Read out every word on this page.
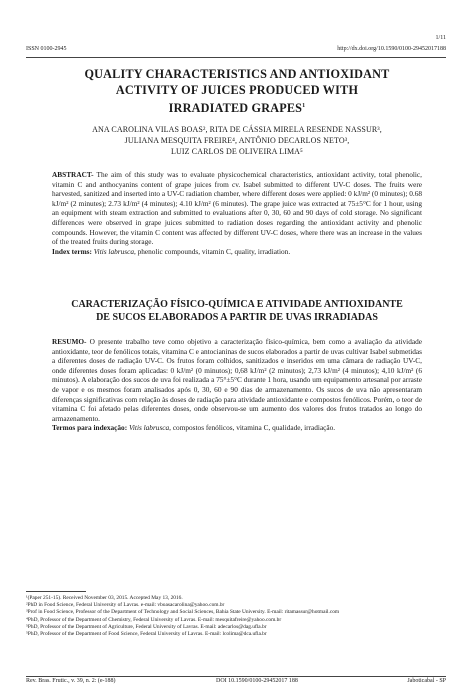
1/11
ISSN 0100-2945	http://dx.doi.org/10.1590/0100-29452017188
QUALITY CHARACTERISTICS AND ANTIOXIDANT
ACTIVITY OF JUICES PRODUCED WITH
IRRADIATED GRAPES$^1$
ANA CAROLINA VILAS BOAS², RITA DE CÁSSIA MIRELA RESENDE NASSUR³,
JULIANA MESQUITA FREIRE⁴, ANTÔNIO DECARLOS NETO³,
LUIZ CARLOS DE OLIVEIRA LIMA⁵
ABSTRACT- The aim of this study was to evaluate physicochemical characteristics, antioxidant activity, total phenolic, vitamin C and anthocyanins content of grape juices from cv. Isabel submitted to different UV-C doses. The fruits were harvested, sanitized and inserted into a UV-C radiation chamber, where different doses were applied: 0 kJ/m² (0 minutes); 0.68 kJ/m² (2 minutes); 2.73 kJ/m² (4 minutes); 4.10 kJ/m² (6 minutes). The grape juice was extracted at 75±5°C for 1 hour, using an equipment with steam extraction and submitted to evaluations after 0, 30, 60 and 90 days of cold storage. No significant differences were observed in grape juices submitted to radiation doses regarding the antioxidant activity and phenolic compounds. However, the vitamin C content was affected by different UV-C doses, where there was an increase in the values of the treated fruits during storage.
Index terms: Vitis labrusca, phenolic compounds, vitamin C, quality, irradiation.
CARACTERIZAÇÃO FÍSICO-QUÍMICA E ATIVIDADE ANTIOXIDANTE
DE SUCOS ELABORADOS A PARTIR DE UVAS IRRADIADAS
RESUMO- O presente trabalho teve como objetivo a caracterização físico-química, bem como a avaliação da atividade antioxidante, teor de fenólicos totais, vitamina C e antocianinas de sucos elaborados a partir de uvas cultivar Isabel submetidas a diferentes doses de radiação UV-C. Os frutos foram colhidos, sanitizados e inseridos em uma câmara de radiação UV-C, onde diferentes doses foram aplicadas: 0 kJ/m² (0 minutos); 0,68 kJ/m² (2 minutos); 2,73 kJ/m² (4 minutos); 4,10 kJ/m² (6 minutos). A elaboração dos sucos de uva foi realizada a 75°±5°C durante 1 hora, usando um equipamento artesanal por arraste de vapor e os mesmos foram analisados após 0, 30, 60 e 90 dias de armazenamento. Os sucos de uva não apresentaram diferenças significativas com relação às doses de radiação para atividade antioxidante e compostos fenólicos. Porém, o teor de vitamina C foi afetado pelas diferentes doses, onde observou-se um aumento dos valores dos frutos tratados ao longo do armazenamento.
Termos para indexação: Vitis labrusca, compostos fenólicos, vitamina C, qualidade, irradiação.
¹(Paper 251-15). Received November 03, 2015. Accepted May 13, 2016.
²PhD in Food Science, Federal University of Lavras. e-mail: vboasacarolina@yahoo.com.br
³Prof in Food Science, Professor of the Department of Technology and Social Sciences, Bahia State University. E-mail: ritamassur@hotmail.com
⁴PhD, Professor of the Department of Chemistry, Federal University of Lavras. E-mail: mesquitafreire@yahoo.com.br
⁵PhD, Professor of the Department of Agriculture, Federal University of Lavras. E-mail: adecarlos@dag.ufla.br
⁵PhD, Professor of the Department of Food Science, Federal University of Lavras. E-mail: lcolima@dca.ufla.br
Rev. Bras. Frutic., v. 39, n. 2: (e-188)	DOI 10.1590/0100-29452017 188	Jaboticabal - SP
